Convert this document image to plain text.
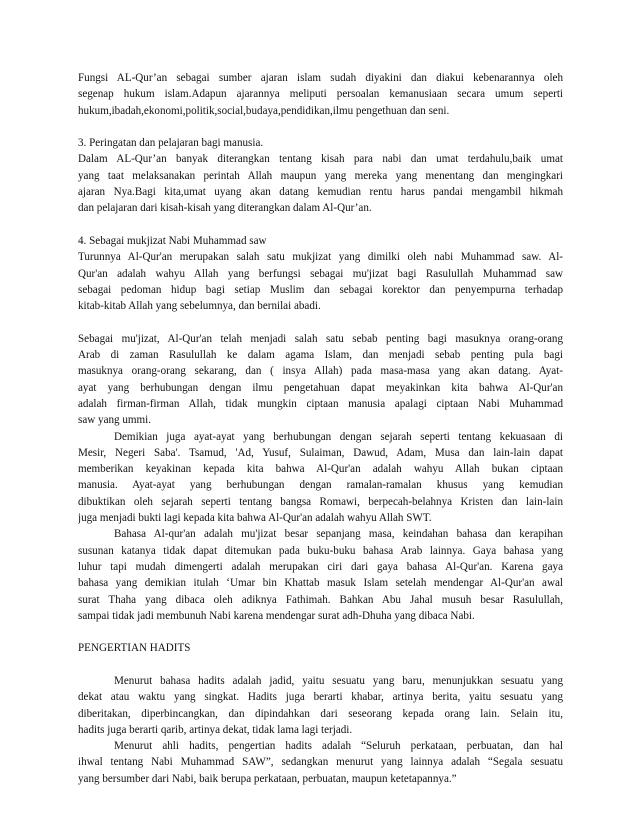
Fungsi AL-Qur’an sebagai sumber ajaran islam sudah diyakini dan diakui kebenarannya oleh
segenap hukum islam.Adapun ajarannya meliputi persoalan kemanusiaan secara umum seperti
hukum,ibadah,ekonomi,politik,social,budaya,pendidikan,ilmu pengethuan dan seni.
3. Peringatan dan pelajaran bagi manusia.
Dalam AL-Qur’an banyak diterangkan tentang kisah para nabi dan umat terdahulu,baik umat
yang taat melaksanakan perintah Allah maupun yang mereka yang menentang dan mengingkari
ajaran Nya.Bagi kita,umat uyang akan datang kemudian rentu harus pandai mengambil hikmah
dan pelajaran dari kisah-kisah yang diterangkan dalam Al-Qur’an.
4. Sebagai mukjizat Nabi Muhammad saw
Turunnya Al-Qur'an merupakan salah satu mukjizat yang dimilki oleh nabi Muhammad saw. Al-
Qur'an adalah wahyu Allah yang berfungsi sebagai mu'jizat bagi Rasulullah Muhammad saw
sebagai pedoman hidup bagi setiap Muslim dan sebagai korektor dan penyempurna terhadap
kitab-kitab Allah yang sebelumnya, dan bernilai abadi.
Sebagai mu'jizat, Al-Qur'an telah menjadi salah satu sebab penting bagi masuknya orang-orang
Arab di zaman Rasulullah ke dalam agama Islam, dan menjadi sebab penting pula bagi
masuknya orang-orang sekarang, dan ( insya Allah) pada masa-masa yang akan datang. Ayat-
ayat yang berhubungan dengan ilmu pengetahuan dapat meyakinkan kita bahwa Al-Qur'an
adalah firman-firman Allah, tidak mungkin ciptaan manusia apalagi ciptaan Nabi Muhammad
saw yang ummi.
Demikian juga ayat-ayat yang berhubungan dengan sejarah seperti tentang kekuasaan di
Mesir, Negeri Saba'. Tsamud, 'Ad, Yusuf, Sulaiman, Dawud, Adam, Musa dan lain-lain dapat
memberikan keyakinan kepada kita bahwa Al-Qur'an adalah wahyu Allah bukan ciptaan
manusia. Ayat-ayat yang berhubungan dengan ramalan-ramalan khusus yang kemudian
dibuktikan oleh sejarah seperti tentang bangsa Romawi, berpecah-belahnya Kristen dan lain-lain
juga menjadi bukti lagi kepada kita bahwa Al-Qur'an adalah wahyu Allah SWT.
Bahasa Al-qur'an adalah mu'jizat besar sepanjang masa, keindahan bahasa dan kerapihan
susunan katanya tidak dapat ditemukan pada buku-buku bahasa Arab lainnya. Gaya bahasa yang
luhur tapi mudah dimengerti adalah merupakan ciri dari gaya bahasa Al-Qur'an. Karena gaya
bahasa yang demikian itulah ‘Umar bin Khattab masuk Islam setelah mendengar Al-Qur'an awal
surat Thaha yang dibaca oleh adiknya Fathimah. Bahkan Abu Jahal musuh besar Rasulullah,
sampai tidak jadi membunuh Nabi karena mendengar surat adh-Dhuha yang dibaca Nabi.
PENGERTIAN HADITS
Menurut bahasa hadits adalah jadid, yaitu sesuatu yang baru, menunjukkan sesuatu yang
dekat atau waktu yang singkat. Hadits juga berarti khabar, artinya berita, yaitu sesuatu yang
diberitakan, diperbincangkan, dan dipindahkan dari seseorang kepada orang lain. Selain itu,
hadits juga berarti qarib, artinya dekat, tidak lama lagi terjadi.
Menurut ahli hadits, pengertian hadits adalah “Seluruh perkataan, perbuatan, dan hal
ihwal tentang Nabi Muhammad SAW”, sedangkan menurut yang lainnya adalah “Segala sesuatu
yang bersumber dari Nabi, baik berupa perkataan, perbuatan, maupun ketetapannya.”
